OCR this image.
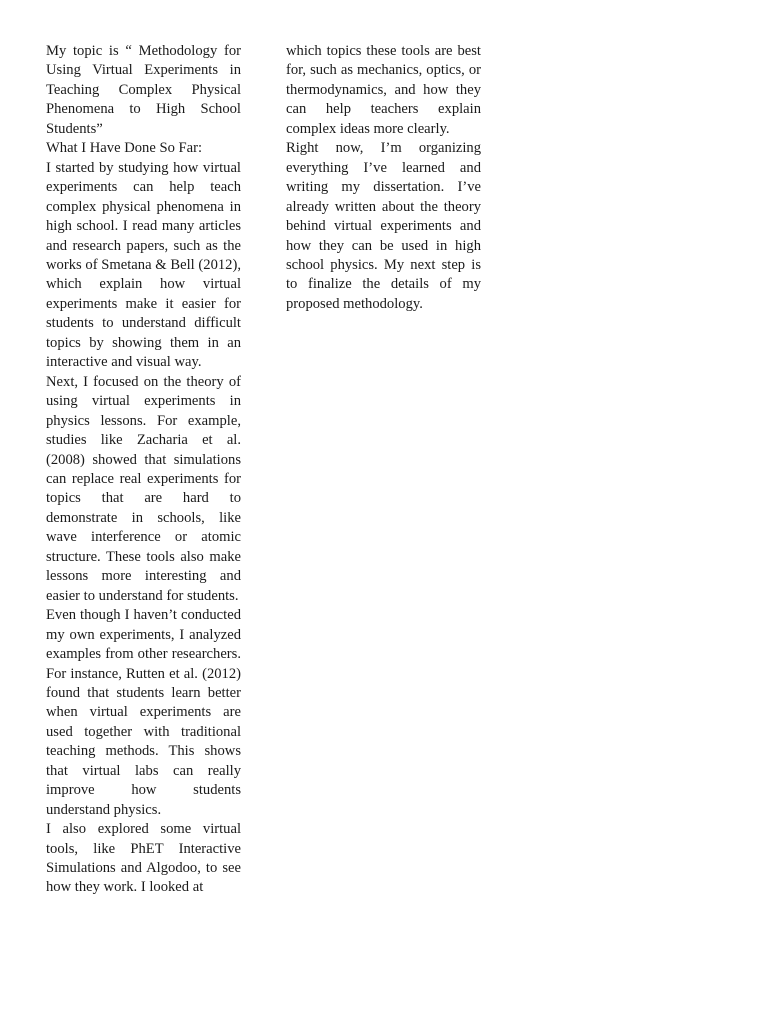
My topic is “ Methodology for Using Virtual Experiments in Teaching Complex Physical Phenomena to High School Students”

What I Have Done So Far:

I started by studying how virtual experiments can help teach complex physical phenomena in high school. I read many articles and research papers, such as the works of Smetana & Bell (2012), which explain how virtual experiments make it easier for students to understand difficult topics by showing them in an interactive and visual way.

Next, I focused on the theory of using virtual experiments in physics lessons. For example, studies like Zacharia et al. (2008) showed that simulations can replace real experiments for topics that are hard to demonstrate in schools, like wave interference or atomic structure. These tools also make lessons more interesting and easier to understand for students.

Even though I haven’t conducted my own experiments, I analyzed examples from other researchers. For instance, Rutten et al. (2012) found that students learn better when virtual experiments are used together with traditional teaching methods. This shows that virtual labs can really improve how students understand physics.

I also explored some virtual tools, like PhET Interactive Simulations and Algodoo, to see how they work. I looked at

which topics these tools are best for, such as mechanics, optics, or thermodynamics, and how they can help teachers explain complex ideas more clearly.

Right now, I’m organizing everything I’ve learned and writing my dissertation. I’ve already written about the theory behind virtual experiments and how they can be used in high school physics. My next step is to finalize the details of my proposed methodology.
